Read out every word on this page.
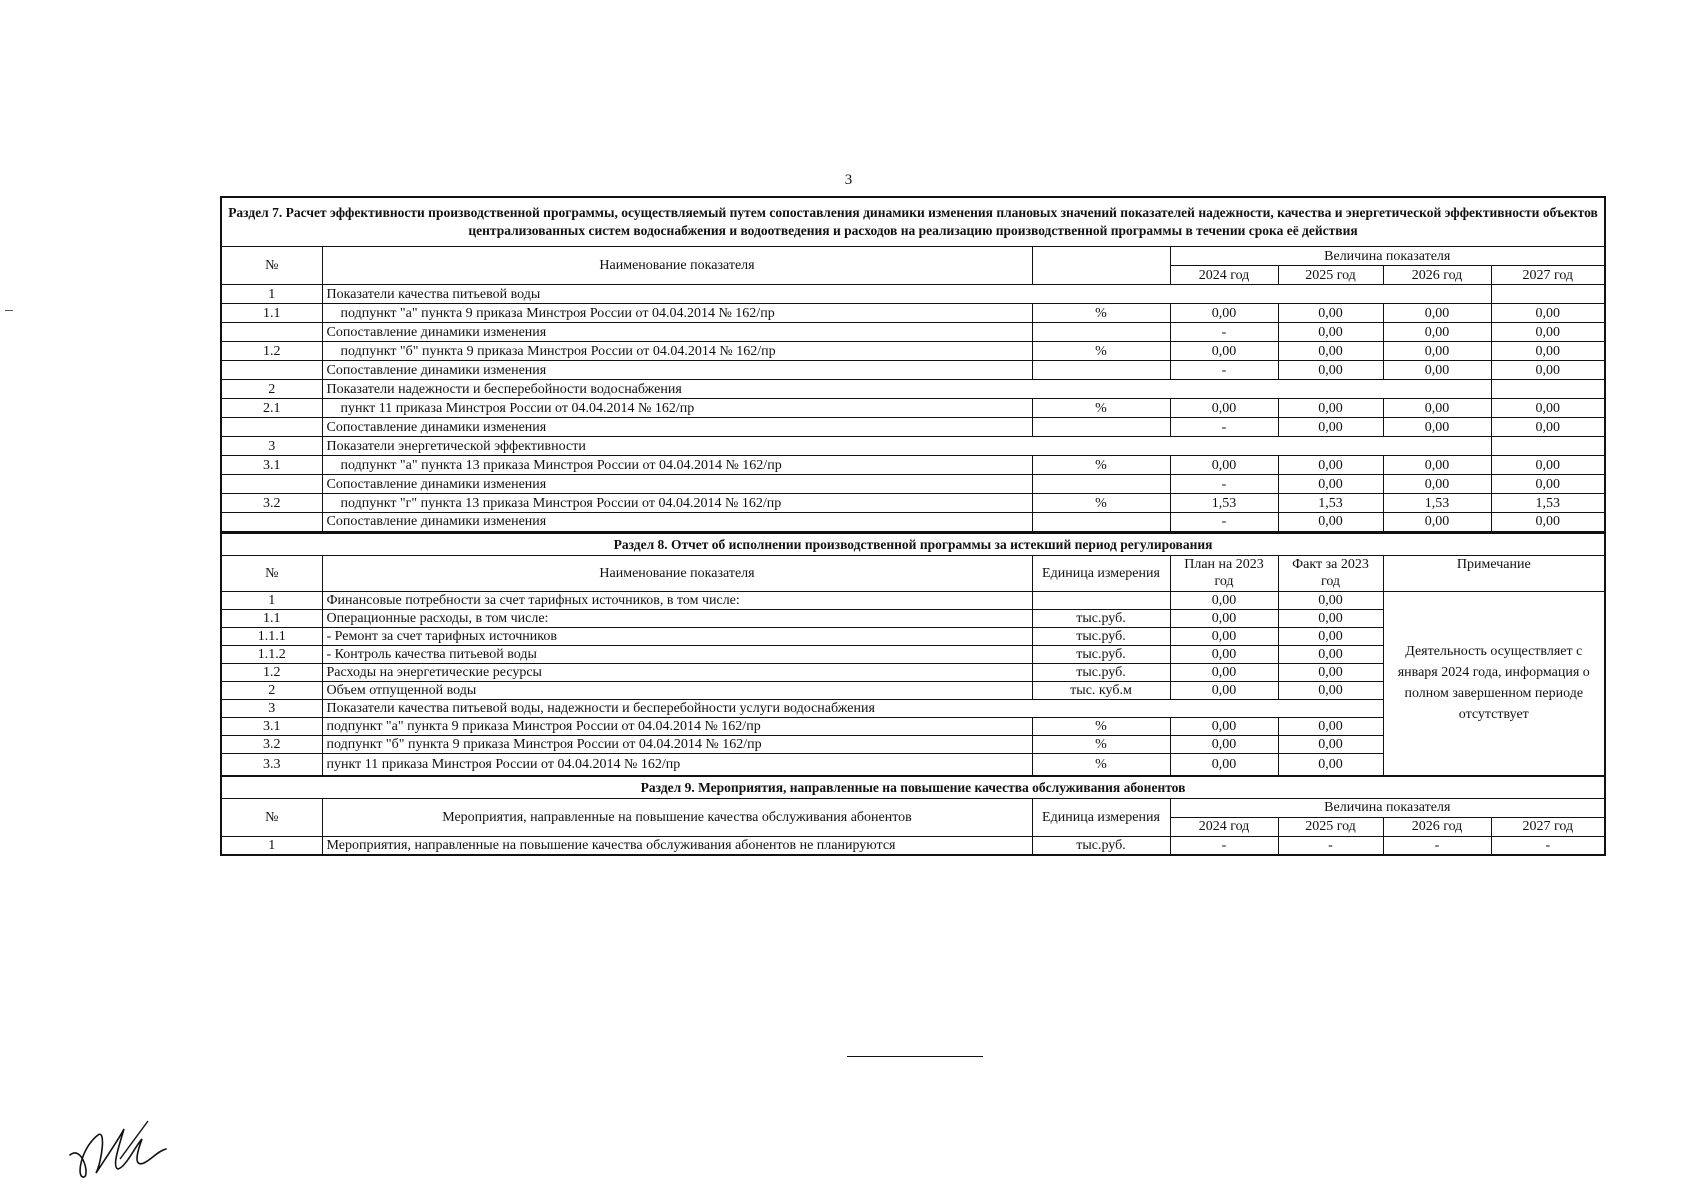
3
Раздел 7. Расчет эффективности производственной программы, осуществляемый путем сопоставления динамики изменения плановых значений показателей надежности, качества и энергетической эффективности объектов централизованных систем водоснабжения и водоотведения и расходов на реализацию производственной программы в течении срока её действия						
№	Наименование показателя		Величина показателя			
			2024 год	2025 год	2026 год	2027 год
1	Показатели качества питьевой воды					
1.1	подпункт "а" пункта 9 приказа Минстроя России от 04.04.2014 № 162/пр	%	0,00	0,00	0,00	0,00
	Сопоставление динамики изменения		-	0,00	0,00	0,00
1.2	подпункт "б" пункта 9 приказа Минстроя России от 04.04.2014 № 162/пр	%	0,00	0,00	0,00	0,00
	Сопоставление динамики изменения		-	0,00	0,00	0,00
2	Показатели надежности и бесперебойности водоснабжения					
2.1	пункт 11 приказа Минстроя России от 04.04.2014 № 162/пр	%	0,00	0,00	0,00	0,00
	Сопоставление динамики изменения		-	0,00	0,00	0,00
3	Показатели энергетической эффективности					
3.1	подпункт "а" пункта 13 приказа Минстроя России от 04.04.2014 № 162/пр	%	0,00	0,00	0,00	0,00
	Сопоставление динамики изменения		-	0,00	0,00	0,00
3.2	подпункт "г" пункта 13 приказа Минстроя России от 04.04.2014 № 162/пр	%	1,53	1,53	1,53	1,53
	Сопоставление динамики изменения		-	0,00	0,00	0,00
Раздел 8. Отчет об исполнении производственной программы за истекший период регулирования					
№	Наименование показателя	Единица измерения	План на 2023 год	Факт за 2023 год	Примечание
1	Финансовые потребности за счет тарифных источников, в том числе:		0,00	0,00	Деятельность осуществляет с января 2024 года, информация о полном завершенном периоде отсутствует
1.1	Операционные расходы, в том числе:	тыс.руб.	0,00	0,00	
1.1.1	- Ремонт за счет тарифных источников	тыс.руб.	0,00	0,00	
1.1.2	- Контроль качества питьевой воды	тыс.руб.	0,00	0,00	
1.2	Расходы на энергетические ресурсы	тыс.руб.	0,00	0,00	
2	Объем отпущенной воды	тыс. куб.м	0,00	0,00	
3	Показатели качества питьевой воды, надежности и бесперебойности услуги водоснабжения				
3.1	подпункт "а" пункта 9 приказа Минстроя России от 04.04.2014 № 162/пр	%	0,00	0,00	
3.2	подпункт "б" пункта 9 приказа Минстроя России от 04.04.2014 № 162/пр	%	0,00	0,00	
3.3	пункт 11 приказа Минстроя России от 04.04.2014 № 162/пр	%	0,00	0,00	
Раздел 9. Мероприятия, направленные на повышение качества обслуживания абонентов						
№	Мероприятия, направленные на повышение качества обслуживания абонентов	Единица измерения	Величина показателя			
			2024 год	2025 год	2026 год	2027 год
1	Мероприятия, направленные на повышение качества обслуживания абонентов не планируются	тыс.руб.	-	-	-	-
